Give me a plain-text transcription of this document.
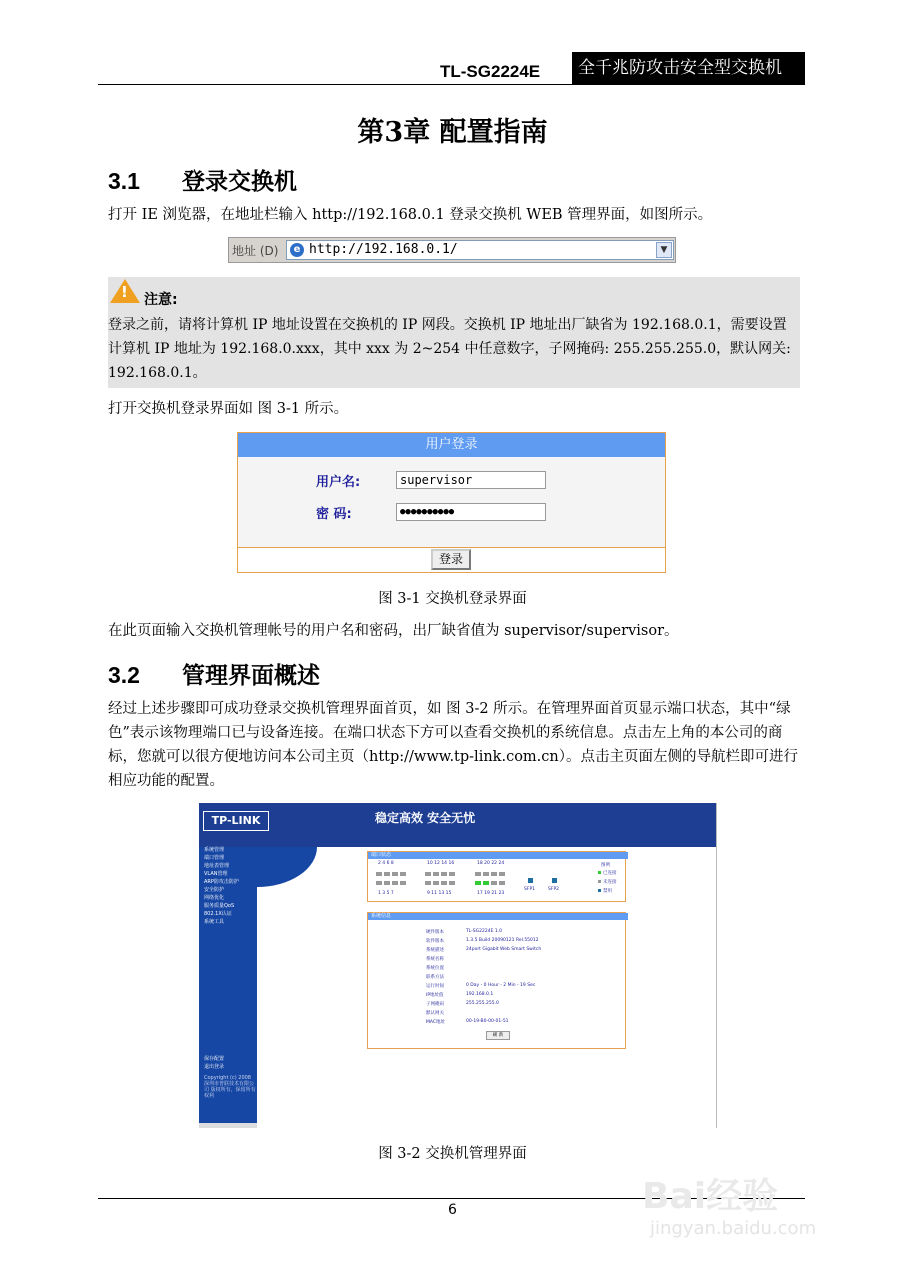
TL-SG2224E	全千兆防攻击安全型交换机
第3章 配置指南
3.1 登录交换机
打开 IE 浏览器，在地址栏输入 http://192.168.0.1 登录交换机 WEB 管理界面，如图所示。
地址 (D)	e http://192.168.0.1/	▼
! 注意:
登录之前，请将计算机 IP 地址设置在交换机的 IP 网段。交换机 IP 地址出厂缺省为 192.168.0.1，需要设置计算机 IP 地址为 192.168.0.xxx，其中 xxx 为 2~254 中任意数字，子网掩码: 255.255.255.0，默认网关: 192.168.0.1。
打开交换机登录界面如 图 3-1 所示。
用户登录
用户名:	supervisor
密 码:	●●●●●●●●●●
登录
图 3-1 交换机登录界面
在此页面输入交换机管理帐号的用户名和密码，出厂缺省值为 supervisor/supervisor。
3.2 管理界面概述
经过上述步骤即可成功登录交换机管理界面首页，如 图 3-2 所示。在管理界面首页显示端口状态，其中“绿色”表示该物理端口已与设备连接。在端口状态下方可以查看交换机的系统信息。点击左上角的本公司的商标，您就可以很方便地访问本公司主页（http://www.tp-link.com.cn）。点击主页面左侧的导航栏即可进行相应功能的配置。
TP-LINK	稳定高效 安全无忧
系统管理
端口管理
地址表管理
VLAN管理
ARP防攻击防护
安全防护
网络优化
服务质量QoS
802.1X认证
系统工具
保存配置
退出登录
Copyright (c) 2008 深圳市普联技术有限公司 版权所有，保留所有权利
端口状态
2 4 6 8	10 12 14 16	18 20 22 24
1 3 5 7	9 11 13 15	17 19 21 23
SFP1	SFP2
图例
已连接
未连接
禁用
系统信息
硬件版本	TL-SG2224E 1.0
软件版本	1.3.5 Build 20090121 Rel.55012
系统描述	24port Gigabit Web Smart Switch
系统名称
系统位置
联系方法
运行时间	0 Day - 0 Hour - 2 Min - 19 Sec
IP地址值	192.168.0.1
子网掩码	255.255.255.0
默认网关
MAC地址	00-19-B0-00-01-51
刷 新
图 3-2 交换机管理界面
6	Bai经验
jingyan.baidu.com
